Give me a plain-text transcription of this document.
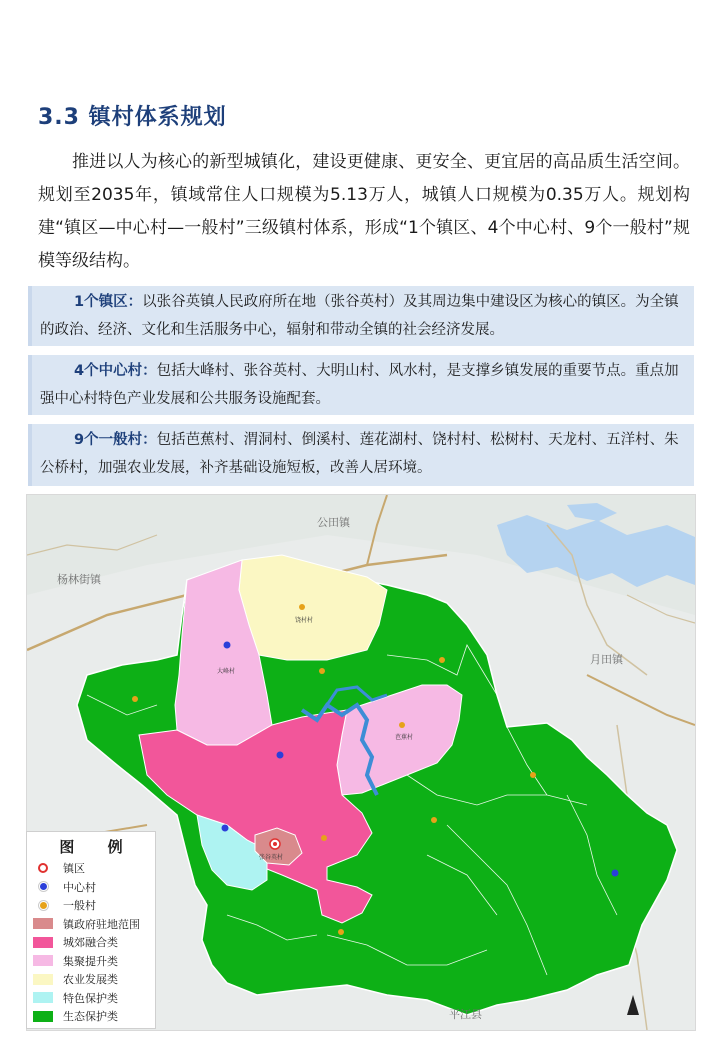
3.3 镇村体系规划
推进以人为核心的新型城镇化，建设更健康、更安全、更宜居的高品质生活空间。规划至2035年，镇域常住人口规模为5.13万人，城镇人口规模为0.35万人。规划构建“镇区—中心村—一般村”三级镇村体系，形成“1个镇区、4个中心村、9个一般村”规模等级结构。

1个镇区：以张谷英镇人民政府所在地（张谷英村）及其周边集中建设区为核心的镇区。为全镇的政治、经济、文化和生活服务中心，辐射和带动全镇的社会经济发展。

4个中心村：包括大峰村、张谷英村、大明山村、风水村，是支撑乡镇发展的重要节点。重点加强中心村特色产业发展和公共服务设施配套。

9个一般村：包括芭蕉村、渭洞村、倒溪村、莲花湖村、饶村村、松树村、天龙村、五洋村、朱公桥村，加强农业发展，补齐基础设施短板，改善人居环境。

公田镇
杨林街镇
月田镇
平江县
饶村村
大峰村
芭蕉村
张谷英村
图 例
镇区
中心村
一般村
镇政府驻地范围
城郊融合类
集聚提升类
农业发展类
特色保护类
生态保护类
